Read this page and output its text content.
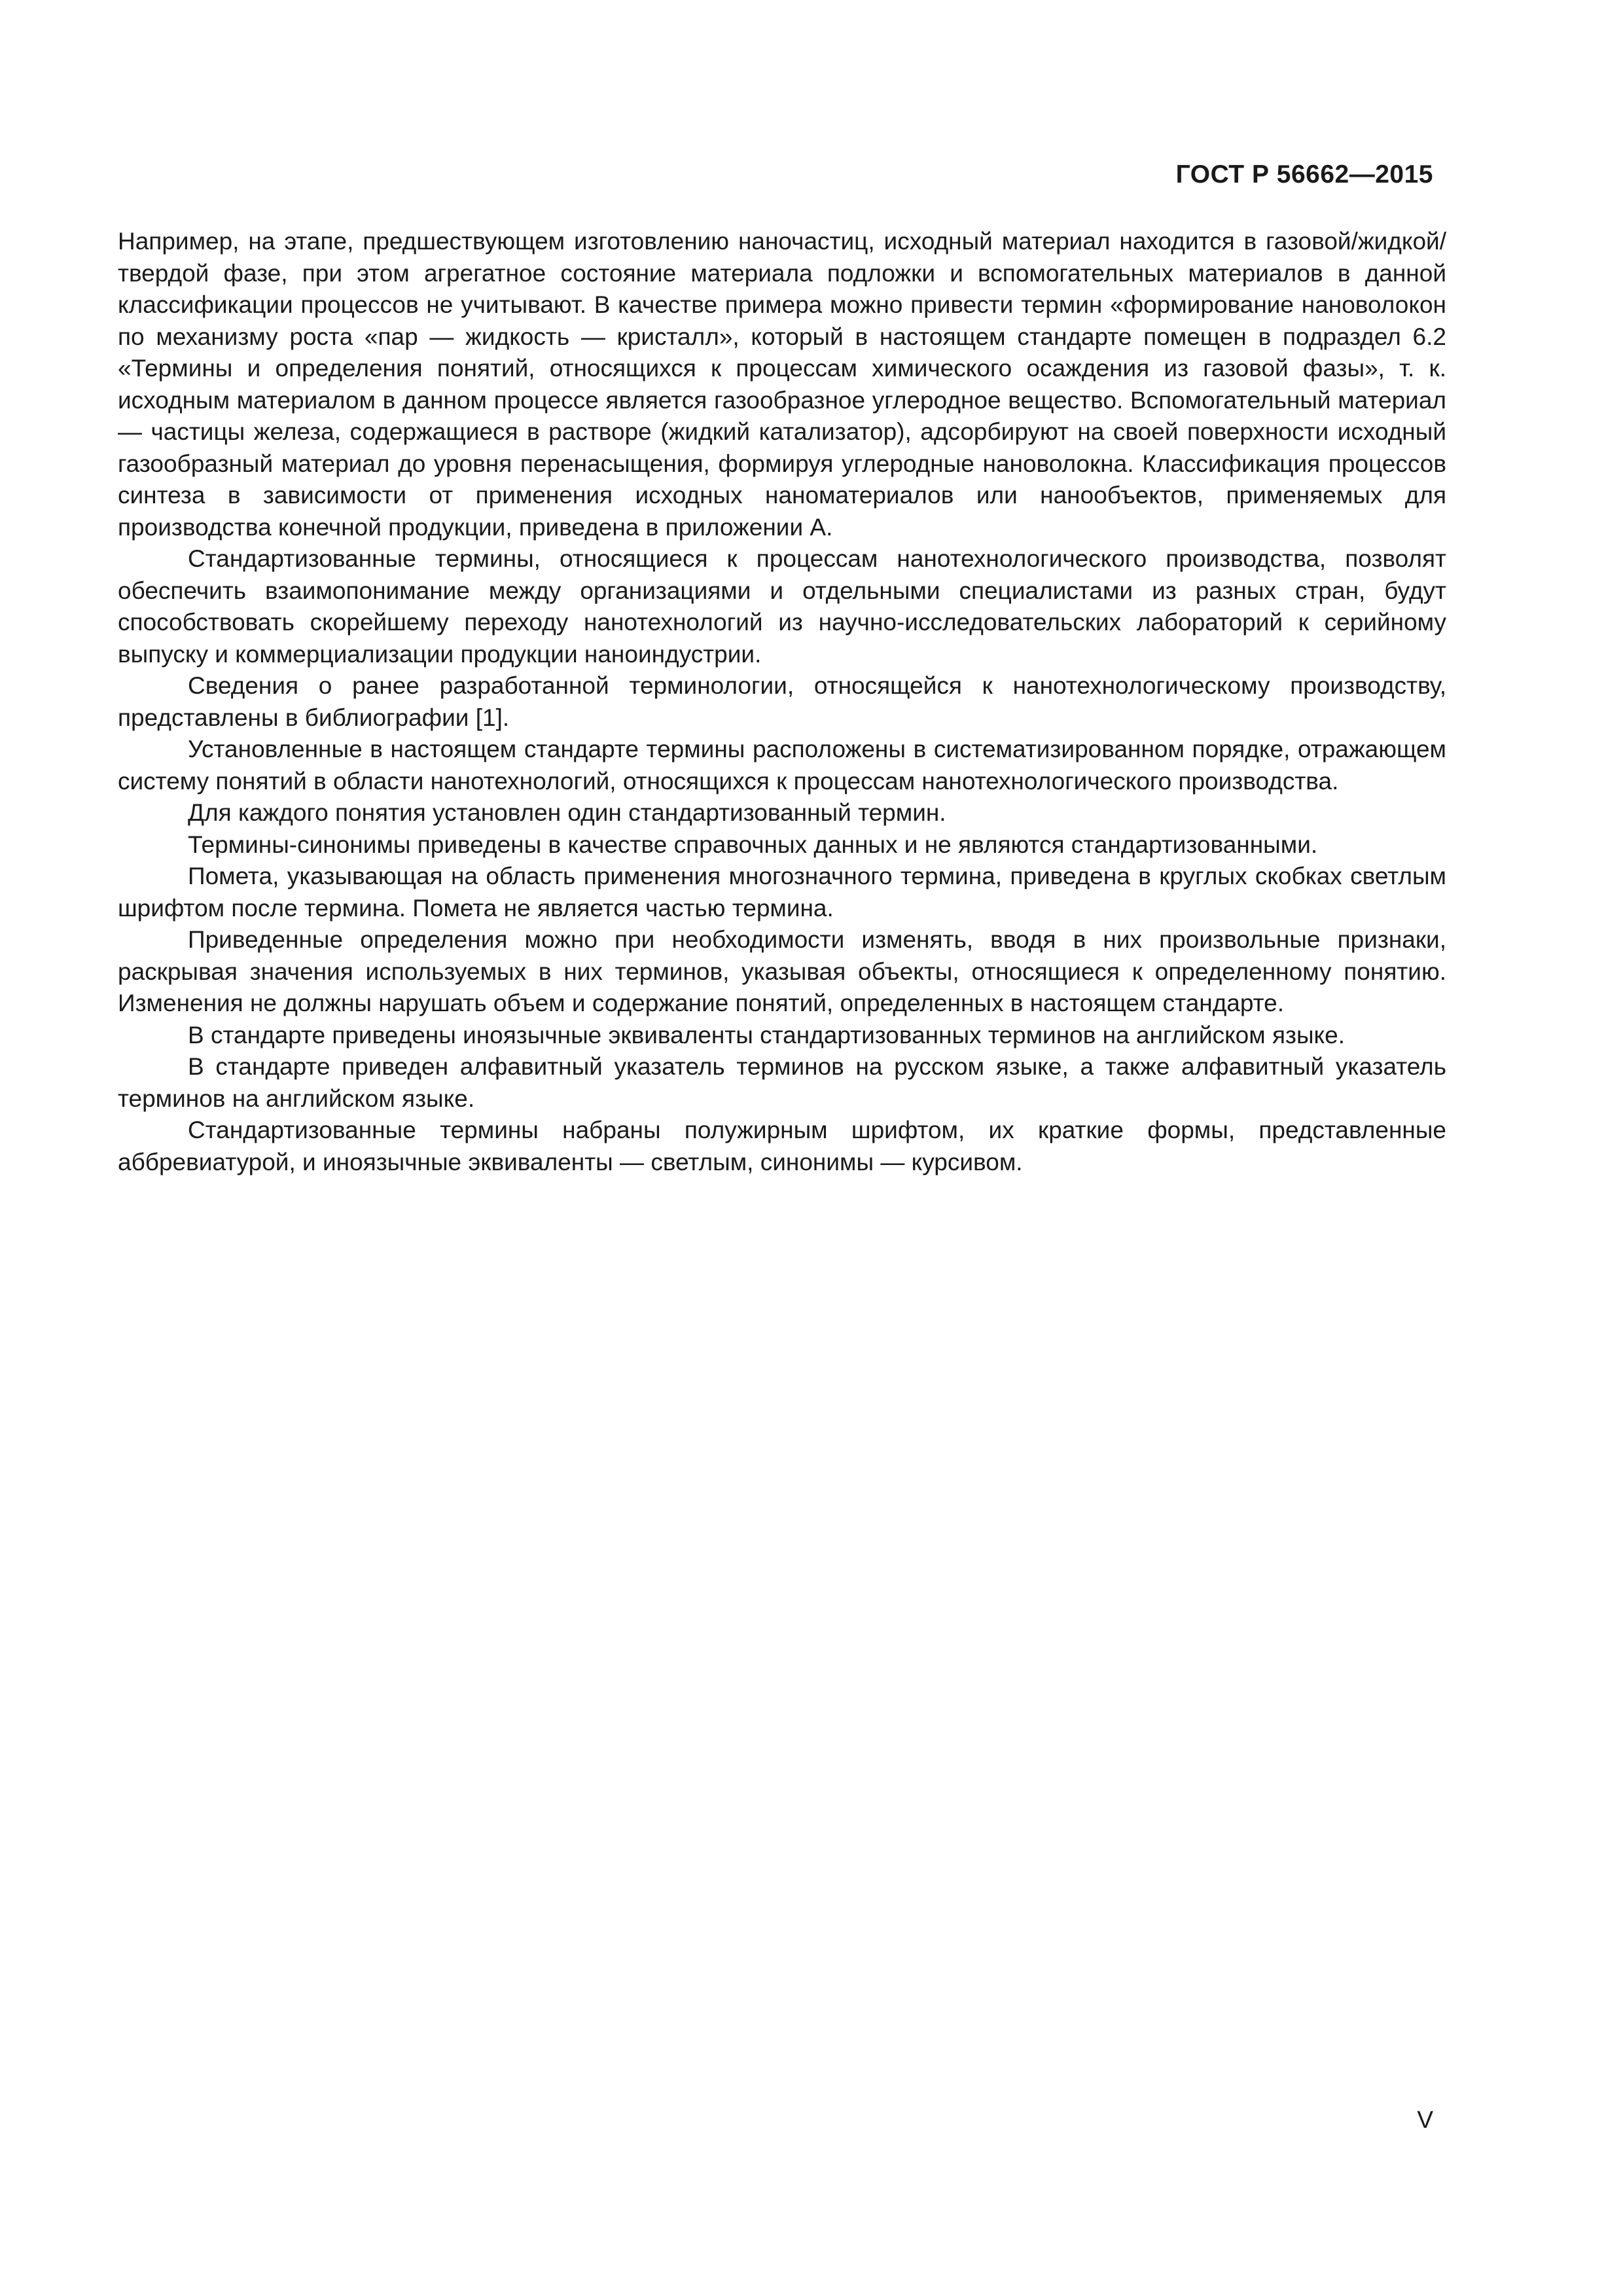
ГОСТ Р 56662—2015

Например, на этапе, предшествующем изготовлению наночастиц, исходный материал находится в газовой/жидкой/твердой фазе, при этом агрегатное состояние материала подложки и вспомогательных материалов в данной классификации процессов не учитывают. В качестве примера можно привести термин «формирование нановолокон по механизму роста «пар — жидкость — кристалл», который в настоящем стандарте помещен в подраздел 6.2 «Термины и определения понятий, относящихся к процессам химического осаждения из газовой фазы», т. к. исходным материалом в данном процессе является газообразное углеродное вещество. Вспомогательный материал — частицы железа, содержащиеся в растворе (жидкий катализатор), адсорбируют на своей поверхности исходный газообразный материал до уровня перенасыщения, формируя углеродные нановолокна. Классификация процессов синтеза в зависимости от применения исходных наноматериалов или нанообъектов, применяемых для производства конечной продукции, приведена в приложении А.

Стандартизованные термины, относящиеся к процессам нанотехнологического производства, позволят обеспечить взаимопонимание между организациями и отдельными специалистами из разных стран, будут способствовать скорейшему переходу нанотехнологий из научно-исследовательских лабораторий к серийному выпуску и коммерциализации продукции наноиндустрии.

Сведения о ранее разработанной терминологии, относящейся к нанотехнологическому производству, представлены в библиографии [1].

Установленные в настоящем стандарте термины расположены в систематизированном порядке, отражающем систему понятий в области нанотехнологий, относящихся к процессам нанотехнологического производства.

Для каждого понятия установлен один стандартизованный термин.

Термины-синонимы приведены в качестве справочных данных и не являются стандартизованными.

Помета, указывающая на область применения многозначного термина, приведена в круглых скобках светлым шрифтом после термина. Помета не является частью термина.

Приведенные определения можно при необходимости изменять, вводя в них произвольные признаки, раскрывая значения используемых в них терминов, указывая объекты, относящиеся к определенному понятию. Изменения не должны нарушать объем и содержание понятий, определенных в настоящем стандарте.

В стандарте приведены иноязычные эквиваленты стандартизованных терминов на английском языке.

В стандарте приведен алфавитный указатель терминов на русском языке, а также алфавитный указатель терминов на английском языке.

Стандартизованные термины набраны полужирным шрифтом, их краткие формы, представленные аббревиатурой, и иноязычные эквиваленты — светлым, синонимы — курсивом.

V
